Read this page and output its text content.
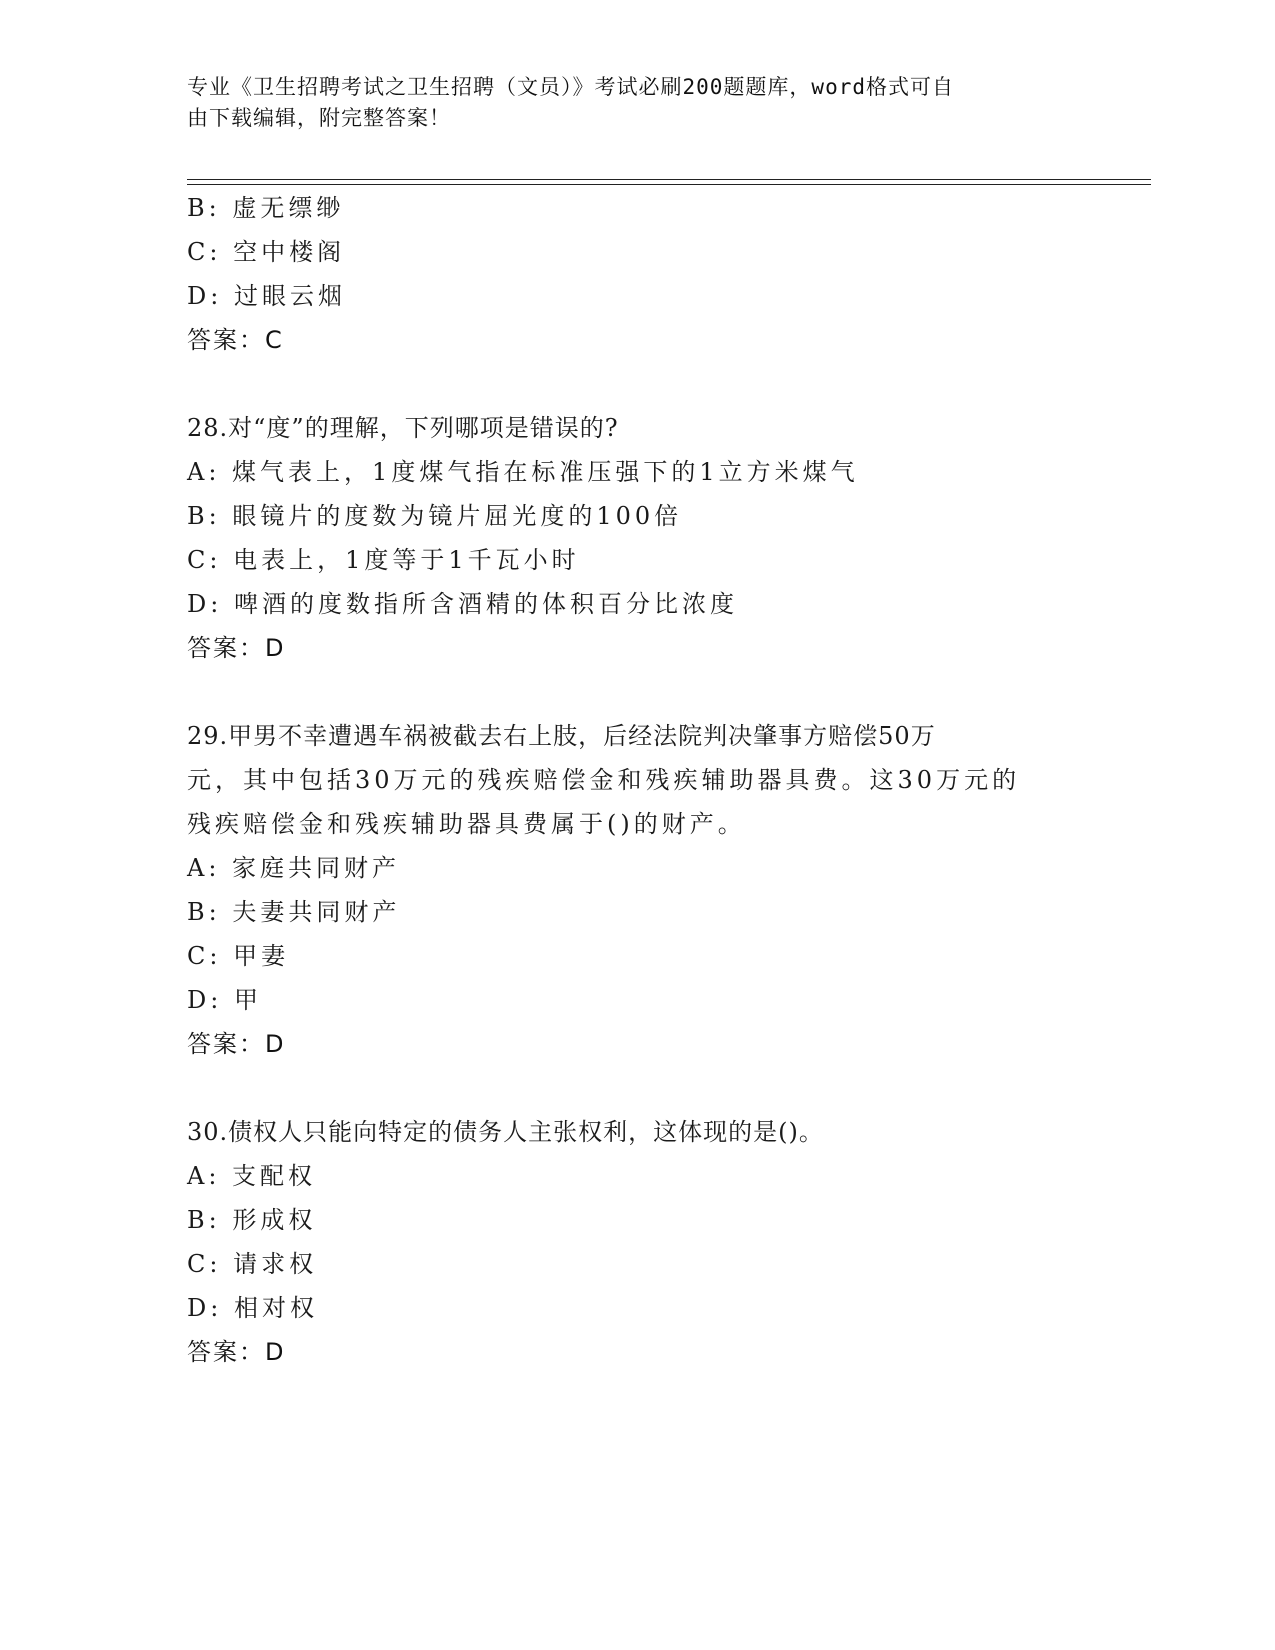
专业《卫生招聘考试之卫生招聘（文员）》考试必刷200题题库，word格式可自
由下载编辑，附完整答案！
B: 虚无缥缈
C: 空中楼阁
D: 过眼云烟
答案：C
28.对“度”的理解，下列哪项是错误的?
A: 煤气表上，1度煤气指在标准压强下的1立方米煤气
B: 眼镜片的度数为镜片屈光度的100倍
C: 电表上，1度等于1千瓦小时
D: 啤酒的度数指所含酒精的体积百分比浓度
答案：D
29.甲男不幸遭遇车祸被截去右上肢，后经法院判决肇事方赔偿50万
元，其中包括30万元的残疾赔偿金和残疾辅助器具费。这30万元的
残疾赔偿金和残疾辅助器具费属于()的财产。
A: 家庭共同财产
B: 夫妻共同财产
C: 甲妻
D: 甲
答案：D
30.债权人只能向特定的债务人主张权利，这体现的是()。
A: 支配权
B: 形成权
C: 请求权
D: 相对权
答案：D
